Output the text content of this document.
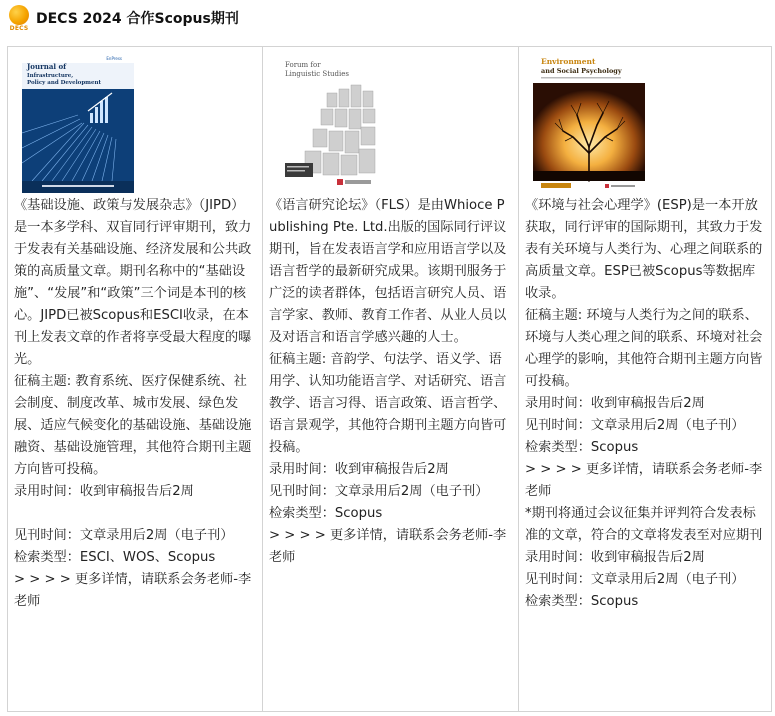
DECS
DECS 2024 合作Scopus期刊
EnPress
Journal of
Infrastructure,
Policy and Development
《基础设施、政策与发展杂志》（JIPD） 是一本多学科、双盲同行评审期刊，致力于发表有关基础设施、经济发展和公共政策的高质量文章。期刊名称中的“基础设施”、“发展”和“政策”三个词是本刊的核心。JIPD已被Scopus和ESCI收录，在本刊上发表文章的作者将享受最大程度的曝光。
征稿主题: 教育系统、医疗保健系统、社会制度、制度改革、城市发展、绿色发展、适应气候变化的基础设施、基础设施融资、基础设施管理，其他符合期刊主题方向皆可投稿。
录用时间：收到审稿报告后2周
见刊时间：文章录用后2周（电子刊）
检索类型：ESCI、WOS、Scopus
> > > > 更多详情，请联系会务老师-李老师

Forum for
Linguistic Studies
《语言研究论坛》（FLS）是由Whioce Publishing Pte. Ltd.出版的国际同行评议期刊，旨在发表语言学和应用语言学以及语言哲学的最新研究成果。该期刊服务于广泛的读者群体，包括语言研究人员、语言学家、教师、教育工作者、从业人员以及对语言和语言学感兴趣的人士。
征稿主题: 音韵学、句法学、语义学、语用学、认知功能语言学、对话研究、语言教学、语言习得、语言政策、语言哲学、语言景观学，其他符合期刊主题方向皆可投稿。
录用时间：收到审稿报告后2周
见刊时间：文章录用后2周（电子刊）
检索类型：Scopus
> > > > 更多详情，请联系会务老师-李老师

Environment
and Social Psychology
《环境与社会心理学》(ESP)是一本开放获取，同行评审的国际期刊，其致力于发表有关环境与人类行为、心理之间联系的高质量文章。ESP已被Scopus等数据库收录。
征稿主题: 环境与人类行为之间的联系、环境与人类心理之间的联系、环境对社会心理学的影响，其他符合期刊主题方向皆可投稿。
录用时间：收到审稿报告后2周
见刊时间：文章录用后2周（电子刊）
检索类型：Scopus
> > > > 更多详情，请联系会务老师-李老师
*期刊将通过会议征集并评判符合发表标准的文章，符合的文章将发表至对应期刊
录用时间：收到审稿报告后2周
见刊时间：文章录用后2周（电子刊）
检索类型：Scopus
